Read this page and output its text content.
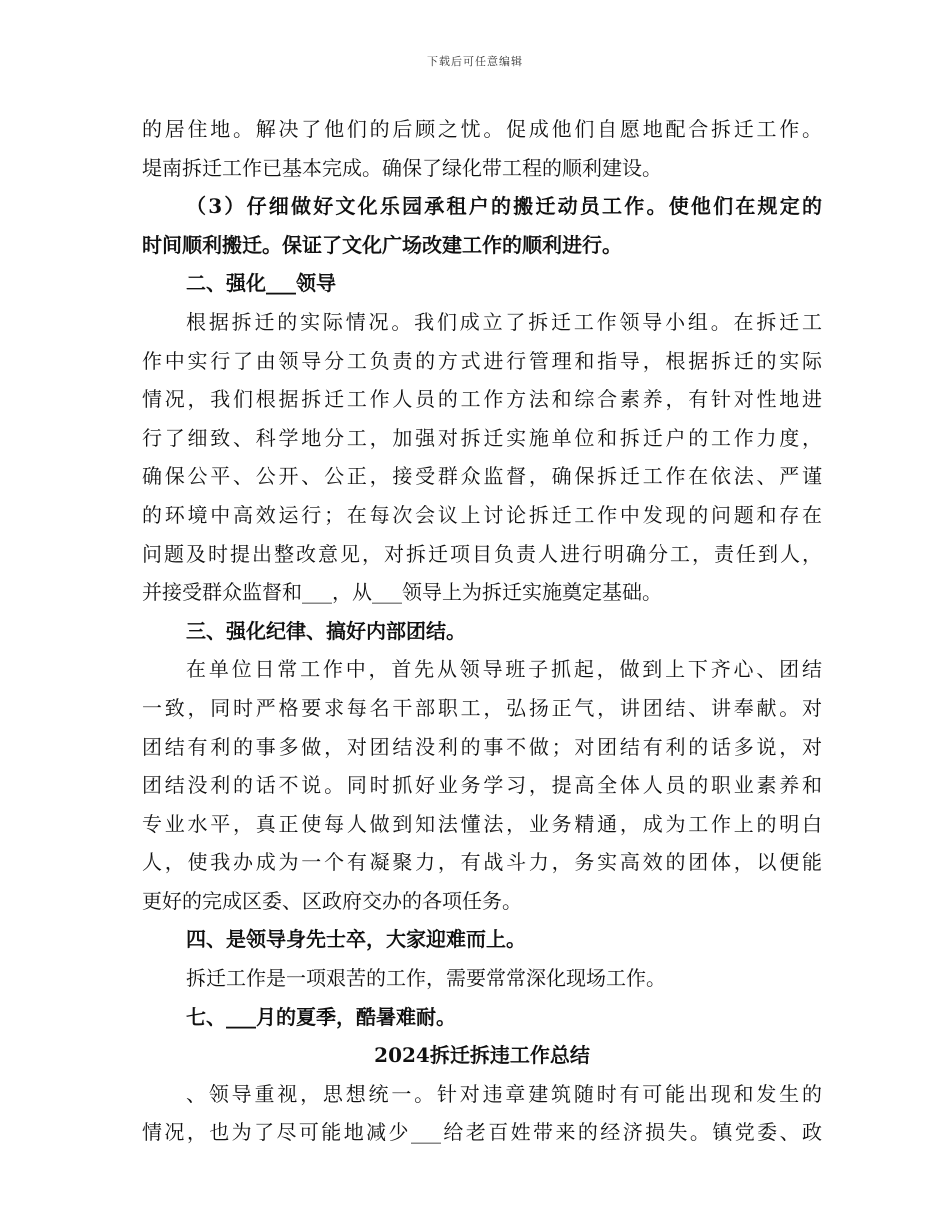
下载后可任意编辑
的居住地。解决了他们的后顾之忧。促成他们自愿地配合拆迁工作。
堤南拆迁工作已基本完成。确保了绿化带工程的顺利建设。
（3）仔细做好文化乐园承租户的搬迁动员工作。使他们在规定的
时间顺利搬迁。保证了文化广场改建工作的顺利进行。
二、强化___领导
根据拆迁的实际情况。我们成立了拆迁工作领导小组。在拆迁工
作中实行了由领导分工负责的方式进行管理和指导，根据拆迁的实际
情况，我们根据拆迁工作人员的工作方法和综合素养，有针对性地进
行了细致、科学地分工，加强对拆迁实施单位和拆迁户的工作力度，
确保公平、公开、公正，接受群众监督，确保拆迁工作在依法、严谨
的环境中高效运行；在每次会议上讨论拆迁工作中发现的问题和存在
问题及时提出整改意见，对拆迁项目负责人进行明确分工，责任到人，
并接受群众监督和___，从___领导上为拆迁实施奠定基础。
三、强化纪律、搞好内部团结。
在单位日常工作中，首先从领导班子抓起，做到上下齐心、团结
一致，同时严格要求每名干部职工，弘扬正气，讲团结、讲奉献。对
团结有利的事多做，对团结没利的事不做；对团结有利的话多说，对
团结没利的话不说。同时抓好业务学习，提高全体人员的职业素养和
专业水平，真正使每人做到知法懂法，业务精通，成为工作上的明白
人，使我办成为一个有凝聚力，有战斗力，务实高效的团体，以便能
更好的完成区委、区政府交办的各项任务。
四、是领导身先士卒，大家迎难而上。
拆迁工作是一项艰苦的工作，需要常常深化现场工作。
七、___月的夏季，酷暑难耐。
2024拆迁拆违工作总结
、领导重视，思想统一。针对违章建筑随时有可能出现和发生的
情况，也为了尽可能地减少___给老百姓带来的经济损失。镇党委、政
